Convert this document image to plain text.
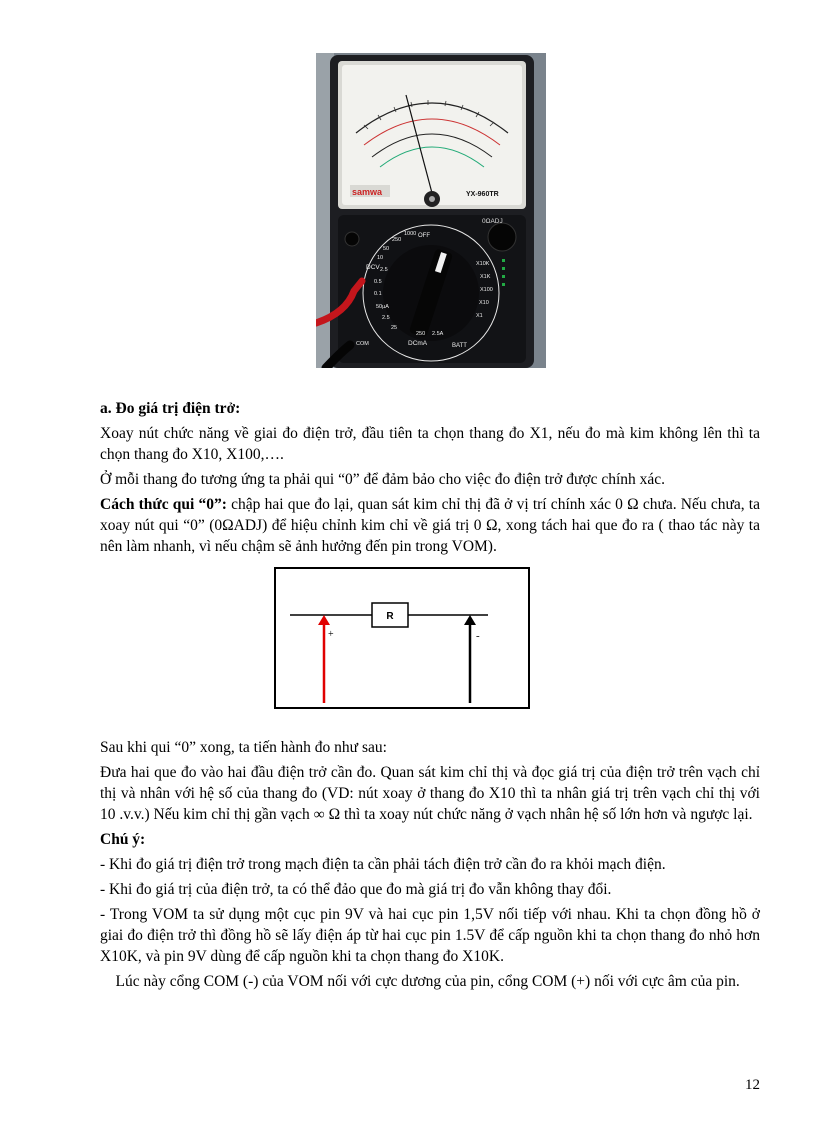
samwa	YX-960TR
0ΩADJ
OFF
DCV
DCmA
1000
250
50
10
2.5
0.5
0.1
50µA
2.5
25
250 2.5A
X10K
X1K
X100
X10
X1
COM	BATT

a. Đo giá trị điện trở:

Xoay nút chức năng về giai đo điện trở, đầu tiên ta chọn thang đo X1, nếu đo mà kim không lên thì ta chọn thang đo X10, X100,….

Ở mỗi thang đo tương ứng ta phải qui “0” để đảm bảo cho việc đo điện trở được chính xác.

Cách thức qui “0”: chập hai que đo lại, quan sát kim chỉ thị đã ở vị trí chính xác 0 Ω chưa. Nếu chưa, ta xoay nút qui “0” (0ΩADJ) để hiệu chỉnh kim chỉ về giá trị 0 Ω, xong tách hai que đo ra ( thao tác này ta nên làm nhanh, vì nếu chậm sẽ ảnh hưởng đến pin trong VOM).

R
+	-

Sau khi qui “0” xong, ta tiến hành đo như sau:

Đưa hai que đo vào hai đầu điện trở cần đo. Quan sát kim chỉ thị và đọc giá trị của điện trở trên vạch chỉ thị và nhân với hệ số của thang đo (VD: nút xoay ở thang đo X10 thì ta nhân giá trị trên vạch chỉ thị với 10 .v.v.) Nếu kim chỉ thị gần vạch ∞ Ω thì ta xoay nút chức năng ở vạch nhân hệ số lớn hơn và ngược lại.

Chú ý:

- Khi đo giá trị điện trở trong mạch điện ta cần phải tách điện trở cần đo ra khỏi mạch điện.

- Khi đo giá trị của điện trở, ta có thể đảo que đo mà giá trị đo vẫn không thay đổi.

- Trong VOM ta sử dụng một cục pin 9V và hai cục pin 1,5V nối tiếp với nhau. Khi ta chọn đồng hồ ở giai đo điện trở thì đồng hồ sẽ lấy điện áp từ hai cục pin 1.5V để cấp nguồn khi ta chọn thang đo nhỏ hơn X10K, và pin 9V dùng để cấp nguồn khi ta chọn thang đo X10K.

Lúc này cổng COM (-) của VOM nối với cực dương của pin, cổng COM (+) nối với cực âm của pin.

12
